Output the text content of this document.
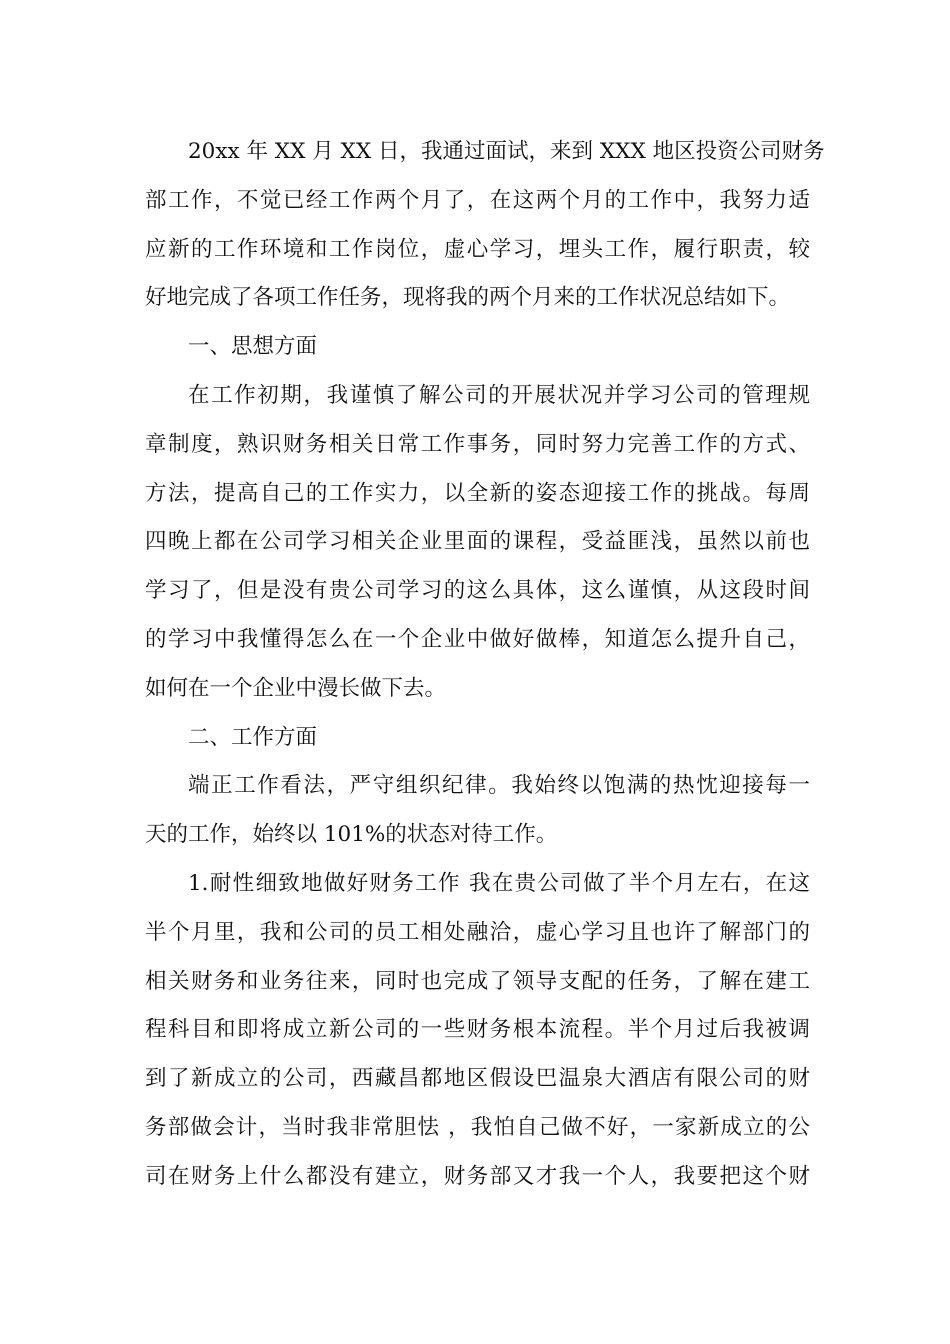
20xx 年 XX 月 XX 日，我通过面试，来到 XXX 地区投资公司财务
部工作，不觉已经工作两个月了，在这两个月的工作中，我努力适
应新的工作环境和工作岗位，虚心学习，埋头工作，履行职责，较
好地完成了各项工作任务，现将我的两个月来的工作状况总结如下。

一、思想方面

在工作初期，我谨慎了解公司的开展状况并学习公司的管理规
章制度，熟识财务相关日常工作事务，同时努力完善工作的方式、
方法，提高自己的工作实力，以全新的姿态迎接工作的挑战。每周
四晚上都在公司学习相关企业里面的课程，受益匪浅，虽然以前也
学习了，但是没有贵公司学习的这么具体，这么谨慎，从这段时间
的学习中我懂得怎么在一个企业中做好做棒，知道怎么提升自己，
如何在一个企业中漫长做下去。

二、工作方面

端正工作看法，严守组织纪律。我始终以饱满的热忱迎接每一
天的工作，始终以 101%的状态对待工作。

1.耐性细致地做好财务工作 我在贵公司做了半个月左右，在这
半个月里，我和公司的员工相处融洽，虚心学习且也许了解部门的
相关财务和业务往来，同时也完成了领导支配的任务，了解在建工
程科目和即将成立新公司的一些财务根本流程。半个月过后我被调
到了新成立的公司，西藏昌都地区假设巴温泉大酒店有限公司的财
务部做会计，当时我非常胆怯 ，我怕自己做不好，一家新成立的公
司在财务上什么都没有建立，财务部又才我一个人，我要把这个财
